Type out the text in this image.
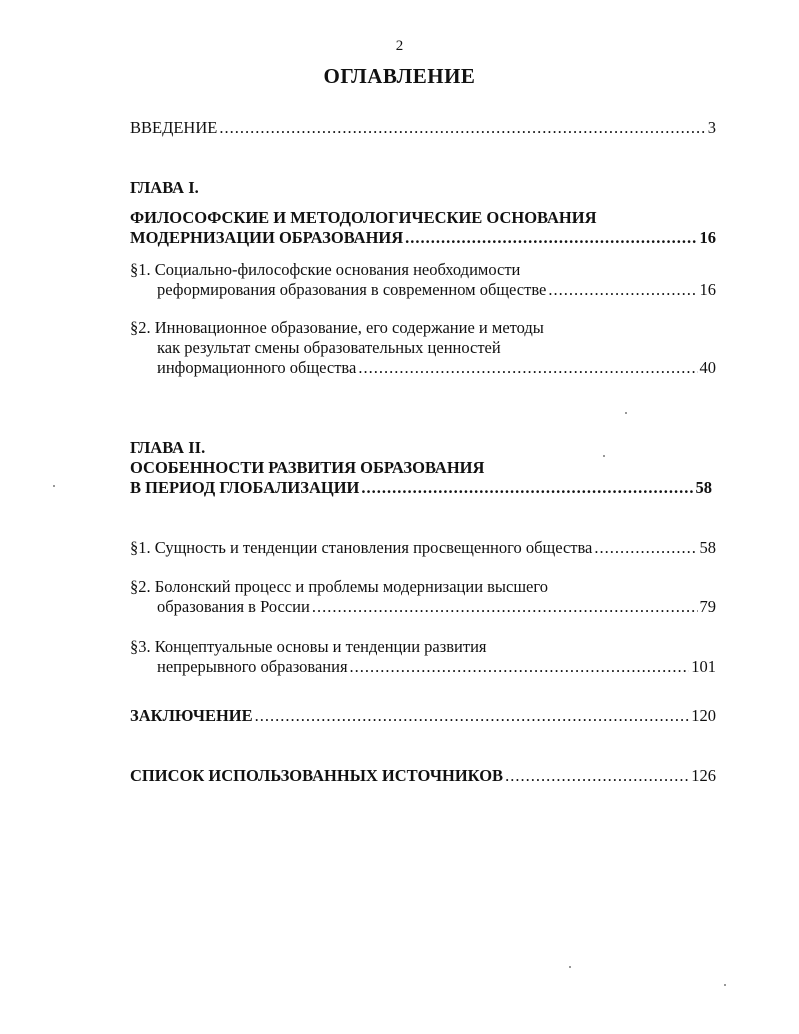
2
ОГЛАВЛЕНИЕ
ВВЕДЕНИЕ .....	3
ГЛАВА I.
ФИЛОСОФСКИЕ И МЕТОДОЛОГИЧЕСКИЕ ОСНОВАНИЯ
МОДЕРНИЗАЦИИ ОБРАЗОВАНИЯ .....	16
§1. Социально-философские основания необходимости
реформирования образования в современном обществе .....	16
§2. Инновационное образование, его содержание и методы
как результат смены образовательных ценностей
информационного общества .....	40
ГЛАВА II.
ОСОБЕННОСТИ РАЗВИТИЯ ОБРАЗОВАНИЯ
В ПЕРИОД ГЛОБАЛИЗАЦИИ .....	58
§1. Сущность и тенденции становления просвещенного общества .....	58
§2. Болонский процесс и проблемы модернизации высшего
образования в России .....	79
§3. Концептуальные основы и тенденции развития
непрерывного образования .....	101
ЗАКЛЮЧЕНИЕ .....	120
СПИСОК ИСПОЛЬЗОВАННЫХ ИСТОЧНИКОВ .....	126
